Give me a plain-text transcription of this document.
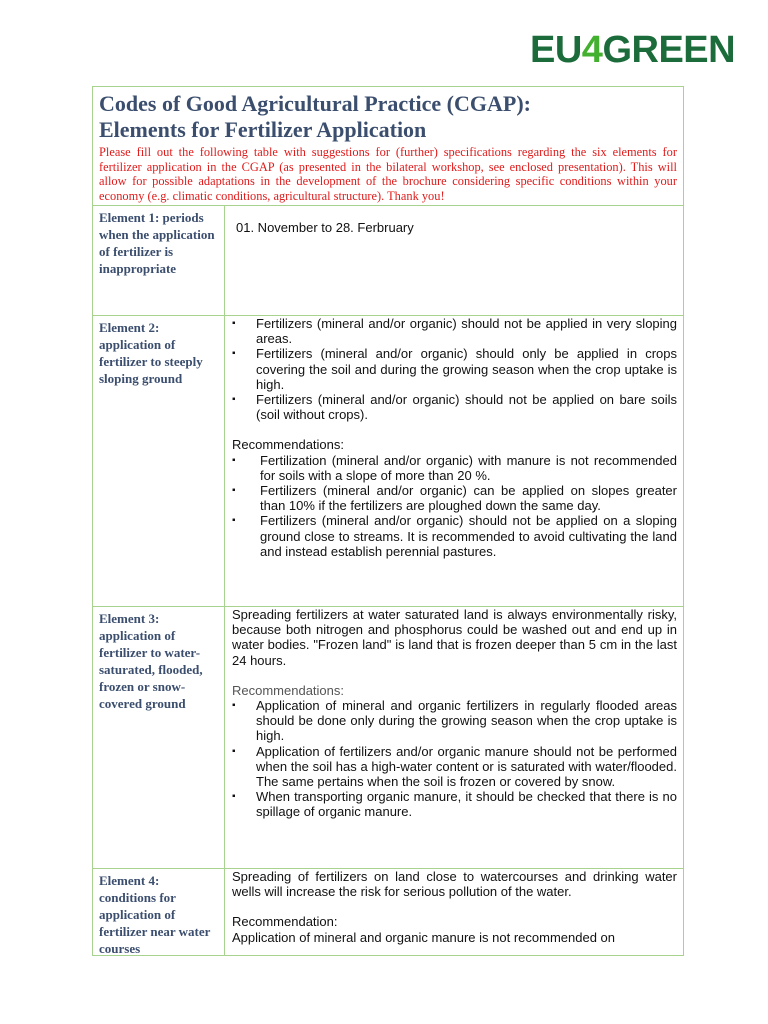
EU4GREEN
Codes of Good Agricultural Practice (CGAP):
Elements for Fertilizer Application

Please fill out the following table with suggestions for (further) specifications regarding the six elements for fertilizer application in the CGAP (as presented in the bilateral workshop, see enclosed presentation). This will allow for possible adaptations in the development of the brochure considering specific conditions within your economy (e.g. climatic conditions, agricultural structure). Thank you!

Element 1: periods when the application of fertilizer is inappropriate

01. November to 28. Ferbruary

Element 2: application of fertilizer to steeply sloping ground
▪	Fertilizers (mineral and/or organic) should not be applied in very sloping areas.
▪	Fertilizers (mineral and/or organic) should only be applied in crops covering the soil and during the growing season when the crop uptake is high.
▪	Fertilizers (mineral and/or organic) should not be applied on bare soils (soil without crops).

Recommendations:

▪	Fertilization (mineral and/or organic) with manure is not recommended for soils with a slope of more than 20 %.
▪	Fertilizers (mineral and/or organic) can be applied on slopes greater than 10% if the fertilizers are ploughed down the same day.
▪	Fertilizers (mineral and/or organic) should not be applied on a sloping ground close to streams. It is recommended to avoid cultivating the land and instead establish perennial pastures.
Element 3: application of fertilizer to water-saturated, flooded, frozen or snow-covered ground

Spreading fertilizers at water saturated land is always environmentally risky, because both nitrogen and phosphorus could be washed out and end up in water bodies. "Frozen land" is land that is frozen deeper than 5 cm in the last 24 hours.

Recommendations:

▪	Application of mineral and organic fertilizers in regularly flooded areas should be done only during the growing season when the crop uptake is high.
▪	Application of fertilizers and/or organic manure should not be performed when the soil has a high-water content or is saturated with water/flooded. The same pertains when the soil is frozen or covered by snow.
▪	When transporting organic manure, it should be checked that there is no spillage of organic manure.
Element 4: conditions for application of fertilizer near water courses

Spreading of fertilizers on land close to watercourses and drinking water wells will increase the risk for serious pollution of the water.

Recommendation:

Application of mineral and organic manure is not recommended on
